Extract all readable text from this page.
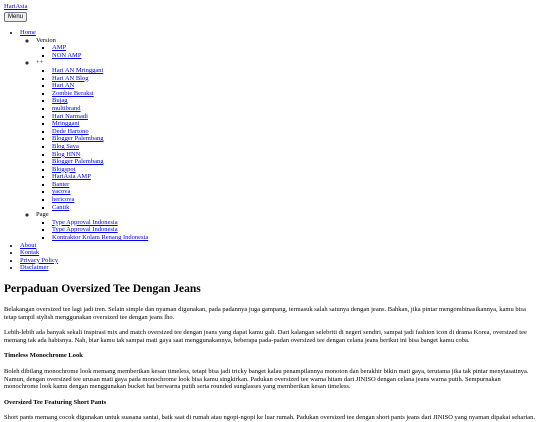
HariAsia
Menu
• Home
◦ Version
▪ AMP
▪ NON AMP
◦ ++
▪ Hari AN Mringgani
▪ Hari AN Blog
▪ Hari AN
▪ Zombie Beraksi
▪ Bujag
▪ multibrand
▪ Hari Narmadi
▪ Mringgani
▪ Dede Hartono
▪ Blogger Palembang
▪ Blog Saya
▪ Blog HNN
▪ Blogger Palembang
▪ Blogspot
▪ HariAsia AMP
▪ Banter
▪ yacova
▪ hericova
▪ Cantik
◦ Page
▪ Type Approval Indonesia
▪ Type Approval Indonesia
▪ Kontraktor Kolam Renang Indonesia
• About
• Kontak
• Privacy Policy
• Disclaimer
Perpaduan Oversized Tee Dengan Jeans

Belakangan oversized tee lagi jadi tren. Selain simple dan nyaman digunakan, pada padannya juga gampang, termasuk salah satunya dengan jeans. Bahkan, jika pintar mengombinasikannya, kamu bisa tetap tampil stylish menggunakan oversized tee dengan jeans lho.

Lebih-lebih ada banyak sekali inspirasi mix and match oversized tee dengan jeans yang dapat kamu gali. Dari kalangan selebriti di negeri sendiri, sampai jadi fashion icon di drama Korea, oversized tee memang tak ada habisnya. Nah, biar kamu tak sampai mati gaya saat menggunakannya, beberapa pada-padan oversized tee dengan celana jeans berikut ini bisa banget kamu coba.

Timeless Monochrome Look

Boleh dibilang monochrome look memang memberikan kesan timeless, tetapi bisa jadi tricky banget kalau penampilannya monoton dan berakhir bikin mati gaya, terutama jika tak pintar menyiasatinya. Namun, dengan oversized tee urusan mati gaya pada monochrome look bisa kamu singkirkan. Padukan oversized tee warna hitam dari JINISO dengan celana jeans warna putih. Sempurnakan monochrome look kamu dengan menggunakan bucket hat berwarna putih serta rounded sunglasses yang memberikan kesan timeless.

Oversized Tee Featuring Short Pants

Short pants memang cocok digunakan untuk suasana santai, baik saat di rumah atau ngopi-ngopi ke luar rumah. Padukan oversized tee dengan short pants jeans dari JINISO yang nyaman dipakai seharian.
